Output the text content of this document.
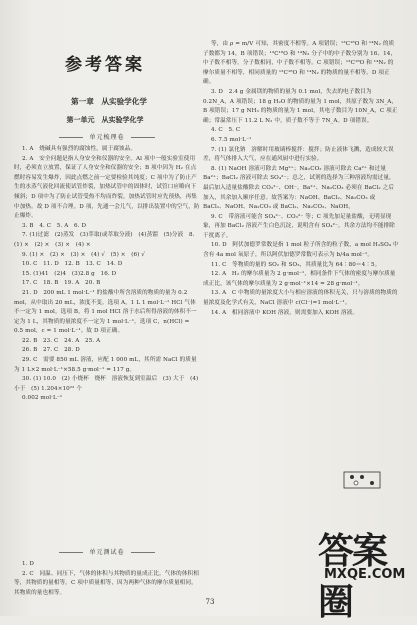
参考答案
第一章　从实验学化学
第一单元　从实验学化学
单元梳理卷

1. A　烧碱具有强烈的腐蚀性，属于腐蚀品。

2. A　安全问题是指人身安全和仪器的安全。Al 项中一般实验室使用时，必须直立放置，保证了人身安全和仪器的安全；B 项中因为 H₂ 在点燃时容易发生爆炸，因此点燃之前一定要检验其纯度；C 项中为了防止产生的水蒸气液化回流使试管炸裂，加热试管中的固体时，试管口应略向下倾斜；D 项中为了防止试管受热不均而炸裂，加热试管时应先预热，再集中加热。故 D 项不合理。D 项，先通一会儿气，以排出装置中的空气，防止爆炸。

3. B　4. C　5. A　6. D

7. (1)过滤　(2)蒸发　(3)萃取(或萃取分液)　(4)蒸馏　(5)分液　8. (1) ×　(2) ×　(3) ×　(4) ×

9. (1) ×　(2) ×　(3) ×　(4) √　(5) ×　(6) √

10. C　11. D　12. B　13. C　14. D

15. (1)41　(2)4　(3)2.8 g　16. D

17. C　18. B　19. A　20. B

21. D　200 mL 1 mol·L⁻¹ 的盐酸中所含溶质的物质的量为 0.2 mol，从中取出 20 mL，浓度不变。选项 A，1 L 1 mol·L⁻¹ HCl 气体不一定为 1 mol。选项 B，将 1 mol HCl 溶于水后所得溶液的体积不一定为 1 L，其物质的量浓度不一定为 1 mol·L⁻¹。选项 C，n(HCl) = 0.5 mol，c = 1 mol·L⁻¹。故 D 项正确。

22. B　23. C　24. A　25. A

26. B　27. C　28. D

29. C　需要 850 mL 溶液，应配 1 000 mL，其所需 NaCl 的质量为 1 L×2 mol·L⁻¹×58.5 g·mol⁻¹ = 117 g。

30. (1) 10.0　(2) 小烧杯　烧杯　溶液恢复到室温后　(3) 大于　(4) 小于　(5) 1.204×10²² 个

0.002 mol·L⁻¹

单元测试卷

1. D

2. C　同温、同压下，气体的体积与其物质的量成正比。气体的体积相等，其物质的量相等。C 项中质量相等，因为两种气体的摩尔质量相同，其物质的量也相等。

等，由 ρ = m/V 可知，其密度不相等。A 项错误；¹³C¹⁸O 和 ¹⁴N₂ 的质子数都为 14，B 项错误；¹³C¹⁸O 和 ¹⁴N₂ 分子中的中子数分别为 16、14，中子数不相等，分子数相同，中子数不相等。C 项错误；¹³C¹⁸O 和 ¹⁴N₂ 的摩尔质量不相等，相同质量的 ¹³C¹⁸O 和 ¹⁴N₂ 的物质的量不相等。D 项正确。

3. D　2.4 g 金属镁的物质的量为 0.1 mol，失去的电子数目为 0.2N_A，A 项错误；18 g H₂O 的物质的量为 1 mol，其原子数为 3N_A，B 项错误；17 g NH₃ 的物质的量为 1 mol，其电子数目为 10N_A，C 项正确；常温常压下 11.2 L N₂ 中，质子数不等于 7N_A。D 项错误。

4. C　5. C

6. 7.5 mol·L⁻¹

7. (1) 氯化钠　溶解时用玻璃棒搅拌：搅拌；防止液体飞溅，造成较大误差，将气体排入大气，应在通风厨中进行实验。

8. (1) NaOH 溶液可除去 Mg²⁺；Na₂CO₃ 溶液可除去 Ca²⁺ 和过量 Ba²⁺；BaCl₂ 溶液可除去 SO₄²⁻；总之，试剂的选择为三种溶液均需过量，最后加入适量盐酸除去 CO₃²⁻、OH⁻。Ba²⁺、Na₂CO₃ 必须在 BaCl₂ 之后加入，其余加入顺序任意。故答案为：NaOH、BaCl₂、Na₂CO₃ 或 BaCl₂、NaOH、Na₂CO₃ 或 BaCl₂、Na₂CO₃、NaOH。

9. C　带溶液可能含 SO₄²⁻、CO₃²⁻ 等；C 项先加足量盐酸，无明显现象，再加 BaCl₂ 溶液产生白色沉淀，说明含有 SO₄²⁻，其余方法均不能排除干扰离子。

10. D　阿伏加德罗常数是指 1 mol 粒子所含的粒子数，a mol H₂SO₄ 中含有 4a mol 氧原子，所以阿伏加德罗常数可表示为 b/4a mol⁻¹。

11. C　等物质的量的 SO₂ 和 SO₃，其质量比为 64∶80＝4∶5。

12. A　H₂ 的摩尔质量为 2 g·mol⁻¹，相同条件下气体的密度与摩尔质量成正比，该气体的摩尔质量为 2 g·mol⁻¹×14 = 28 g·mol⁻¹。

13. A　C 中物质的量浓度大小与相应溶液的体积无关，只与溶质的物质的量浓度及化学式有关，NaCl 溶液中 c(Cl⁻)=1 mol·L⁻¹。

14. A　相同溶液中 KOH 溶液，则需要加入 KOH 溶液。

73
答案圈
MXQE.COM
